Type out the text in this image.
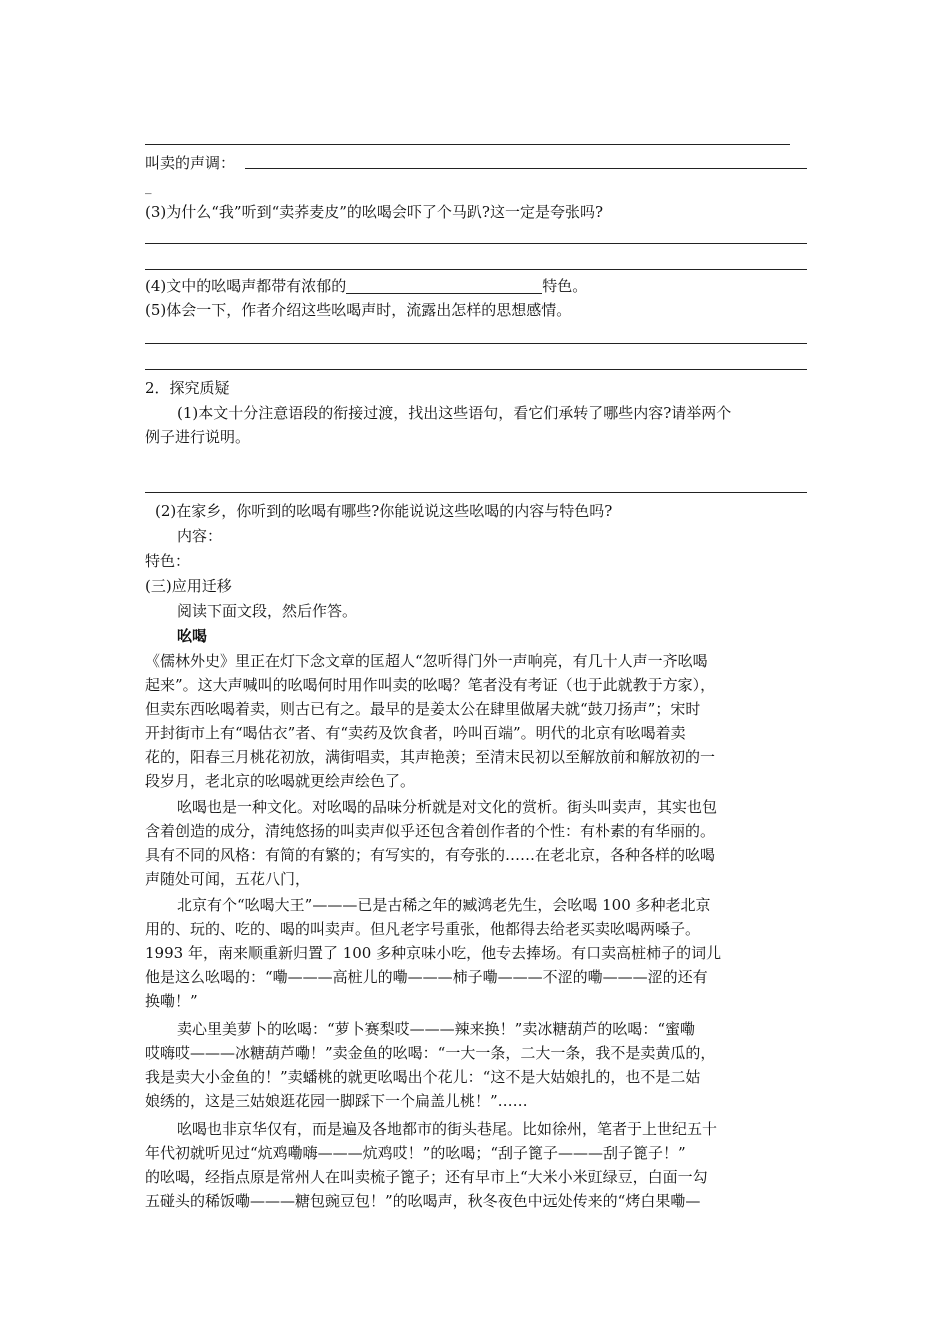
叫卖的声调：
_
(3)为什么“我”听到“卖荞麦皮”的吆喝会吓了个马趴?这一定是夸张吗?
(4)文中的吆喝声都带有浓郁的	特色。
(5)体会一下，作者介绍这些吆喝声时，流露出怎样的思想感情。
2．探究质疑
(1)本文十分注意语段的衔接过渡，找出这些语句，看它们承转了哪些内容?请举两个
例子进行说明。
(2)在家乡，你听到的吆喝有哪些?你能说说这些吆喝的内容与特色吗?
内容：
特色：
(三)应用迁移
阅读下面文段，然后作答。
吆喝
《儒林外史》里正在灯下念文章的匡超人“忽听得门外一声响亮，有几十人声一齐吆喝
起来”。这大声喊叫的吆喝何时用作叫卖的吆喝？笔者没有考证（也于此就教于方家），
但卖东西吆喝着卖，则古已有之。最早的是姜太公在肆里做屠夫就“鼓刀扬声”；宋时
开封街市上有“喝估衣”者、有“卖药及饮食者，吟叫百端”。明代的北京有吆喝着卖
花的，阳春三月桃花初放，满街唱卖，其声艳羡；至清末民初以至解放前和解放初的一
段岁月，老北京的吆喝就更绘声绘色了。
吆喝也是一种文化。对吆喝的品味分析就是对文化的赏析。街头叫卖声，其实也包
含着创造的成分，清纯悠扬的叫卖声似乎还包含着创作者的个性：有朴素的有华丽的。
具有不同的风格：有简的有繁的；有写实的，有夸张的……在老北京，各种各样的吆喝
声随处可闻，五花八门，
北京有个“吆喝大王”———已是古稀之年的臧鸿老先生，会吆喝 100 多种老北京
用的、玩的、吃的、喝的叫卖声。但凡老字号重张，他都得去给老买卖吆喝两嗓子。
1993 年，南来顺重新归置了 100 多种京味小吃，他专去捧场。有口卖高桩柿子的词儿
他是这么吆喝的：“嘞———高桩儿的嘞———柿子嘞———不涩的嘞———涩的还有
换嘞！”
卖心里美萝卜的吆喝：“萝卜赛梨哎———辣来换！”卖冰糖葫芦的吆喝：“蜜嘞
哎嗨哎———冰糖葫芦嘞！”卖金鱼的吆喝：“一大一条，二大一条，我不是卖黄瓜的，
我是卖大小金鱼的！”卖蟠桃的就更吆喝出个花儿：“这不是大姑娘扎的，也不是二姑
娘绣的，这是三姑娘逛花园一脚踩下一个扁盖儿桃！”……
吆喝也非京华仅有，而是遍及各地都市的街头巷尾。比如徐州，笔者于上世纪五十
年代初就听见过“炕鸡嘞嗨———炕鸡哎！”的吆喝；“刮子篦子———刮子篦子！”
的吆喝，经指点原是常州人在叫卖梳子篦子；还有早市上“大米小米豇绿豆，白面一勾
五碰头的稀饭嘞———糖包豌豆包！”的吆喝声，秋冬夜色中远处传来的“烤白果嘞—
